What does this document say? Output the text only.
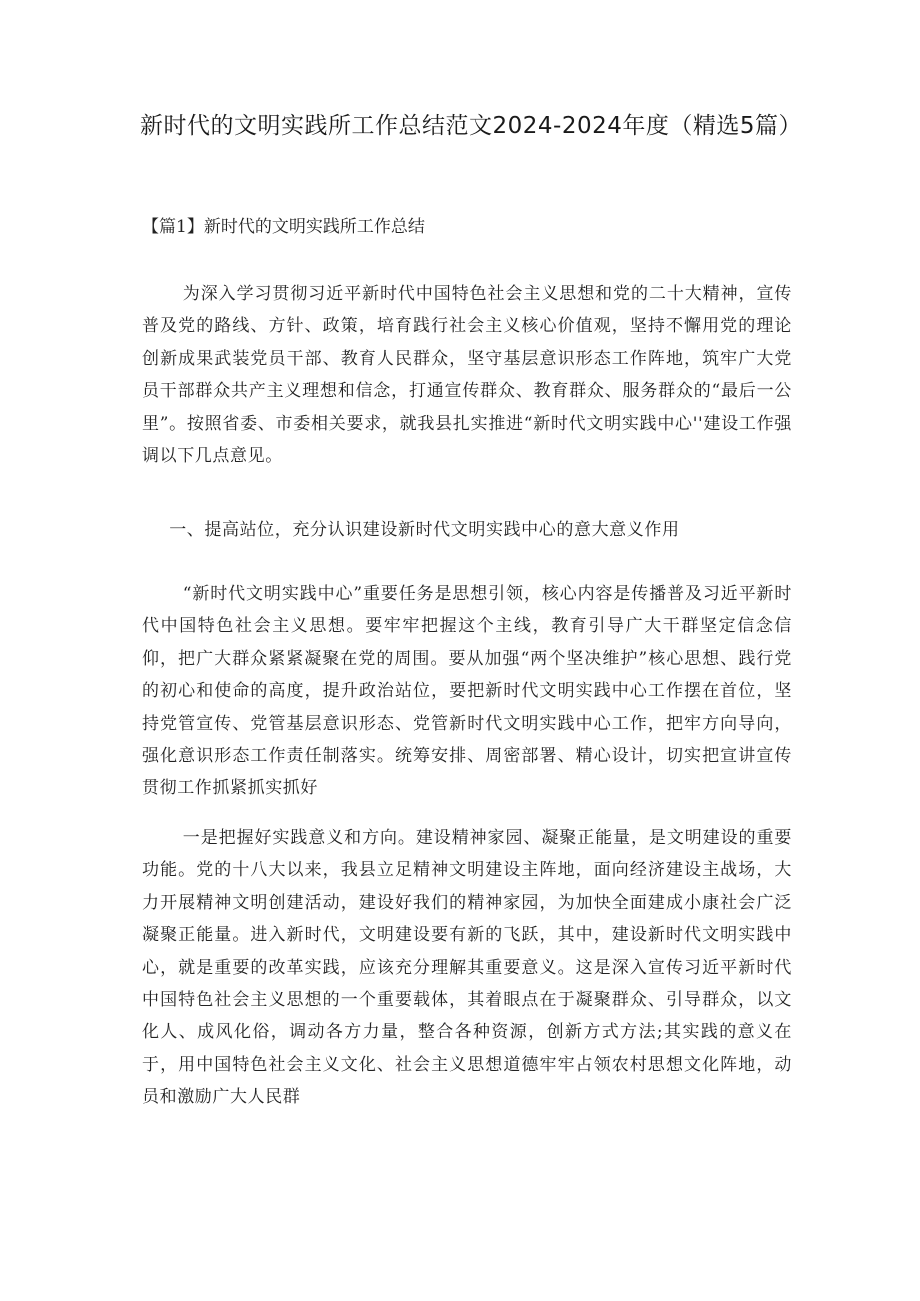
新时代的文明实践所工作总结范文2024-2024年度（精选5篇）

【篇1】新时代的文明实践所工作总结

为深入学习贯彻习近平新时代中国特色社会主义思想和党的二十大精神，宣传普及党的路线、方针、政策，培育践行社会主义核心价值观，坚持不懈用党的理论创新成果武装党员干部、教育人民群众，坚守基层意识形态工作阵地，筑牢广大党员干部群众共产主义理想和信念，打通宣传群众、教育群众、服务群众的“最后一公里”。按照省委、市委相关要求，就我县扎实推进“新时代文明实践中心''建设工作强调以下几点意见。

一、提高站位，充分认识建设新时代文明实践中心的意大意义作用

“新时代文明实践中心”重要任务是思想引领，核心内容是传播普及习近平新时代中国特色社会主义思想。要牢牢把握这个主线，教育引导广大干群坚定信念信仰，把广大群众紧紧凝聚在党的周围。要从加强“两个坚决维护”核心思想、践行党的初心和使命的高度，提升政治站位，要把新时代文明实践中心工作摆在首位，坚持党管宣传、党管基层意识形态、党管新时代文明实践中心工作，把牢方向导向，强化意识形态工作责任制落实。统筹安排、周密部署、精心设计，切实把宣讲宣传贯彻工作抓紧抓实抓好

一是把握好实践意义和方向。建设精神家园、凝聚正能量，是文明建设的重要功能。党的十八大以来，我县立足精神文明建设主阵地，面向经济建设主战场，大力开展精神文明创建活动，建设好我们的精神家园，为加快全面建成小康社会广泛凝聚正能量。进入新时代，文明建设要有新的飞跃，其中，建设新时代文明实践中心，就是重要的改革实践，应该充分理解其重要意义。这是深入宣传习近平新时代中国特色社会主义思想的一个重要载体，其着眼点在于凝聚群众、引导群众，以文化人、成风化俗，调动各方力量，整合各种资源，创新方式方法;其实践的意义在于，用中国特色社会主义文化、社会主义思想道德牢牢占领农村思想文化阵地，动员和激励广大人民群
